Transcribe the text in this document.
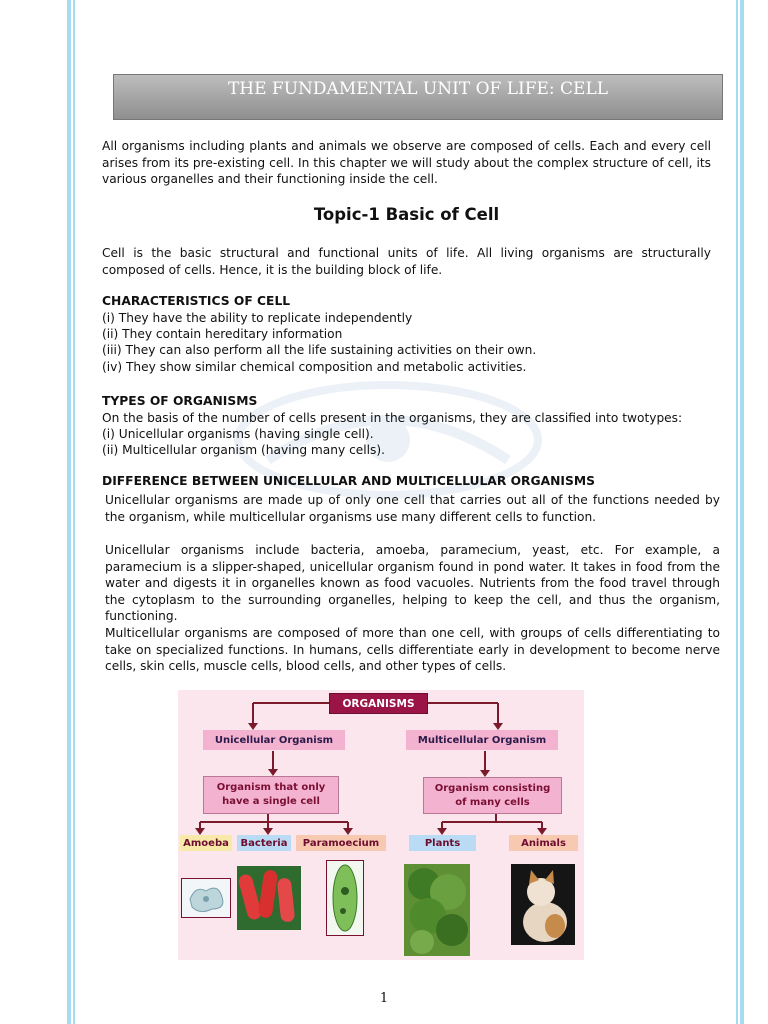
THE FUNDAMENTAL UNIT OF LIFE: CELL
All organisms including plants and animals we observe are composed of cells. Each and every cell arises from its pre-existing cell. In this chapter we will study about the complex structure of cell, its various organelles and their functioning inside the cell.
Topic-1 Basic of Cell
Cell is the basic structural and functional units of life. All living organisms are structurally composed of cells. Hence, it is the building block of life.
CHARACTERISTICS OF CELL
(i) They have the ability to replicate independently
(ii) They contain hereditary information
(iii) They can also perform all the life sustaining activities on their own.
(iv) They show similar chemical composition and metabolic activities.
TYPES OF ORGANISMS
On the basis of the number of cells present in the organisms, they are classified into twotypes:
(i) Unicellular organisms (having single cell).
(ii) Multicellular organism (having many cells).
DIFFERENCE BETWEEN UNICELLULAR AND MULTICELLULAR ORGANISMS
Unicellular organisms are made up of only one cell that carries out all of the functions needed by the organism, while multicellular organisms use many different cells to function.
Unicellular organisms include bacteria, amoeba, paramecium, yeast, etc. For example, a paramecium is a slipper-shaped, unicellular organism found in pond water. It takes in food from the water and digests it in organelles known as food vacuoles. Nutrients from the food travel through the cytoplasm to the surrounding organelles, helping to keep the cell, and thus the organism, functioning.
Multicellular organisms are composed of more than one cell, with groups of cells differentiating to take on specialized functions. In humans, cells differentiate early in development to become nerve cells, skin cells, muscle cells, blood cells, and other types of cells.
ORGANISMS
Unicellular Organism	Multicellular Organism
Organism that only
have a single cell
Organism consisting
of many cells
Amoeba	Bacteria	Paramoecium	Plants	Animals
1
